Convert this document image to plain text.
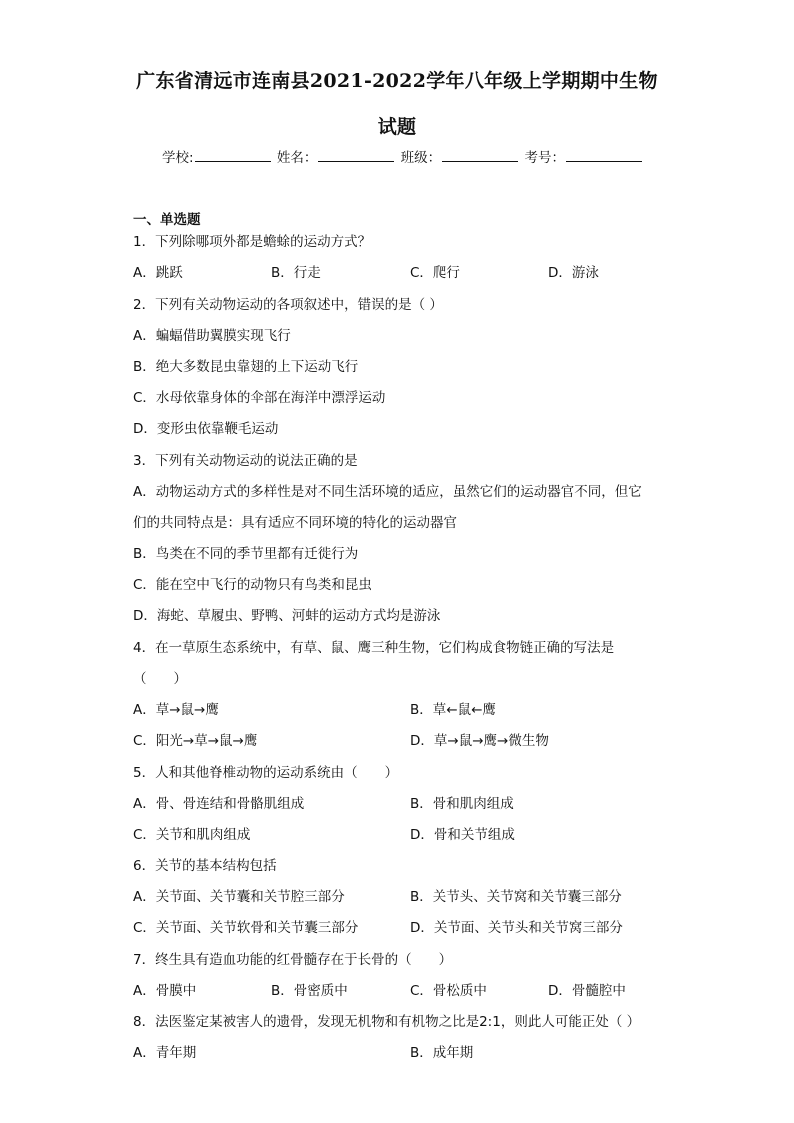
广东省清远市连南县2021-2022学年八年级上学期期中生物
试题
学校:	姓名：	班级：	考号：
一、单选题
1．下列除哪项外都是蟾蜍的运动方式？
A．跳跃	B．行走	C．爬行	D．游泳
2．下列有关动物运动的各项叙述中，错误的是（ ）
A．蝙蝠借助翼膜实现飞行
B．绝大多数昆虫靠翅的上下运动飞行
C．水母依靠身体的伞部在海洋中漂浮运动
D．变形虫依靠鞭毛运动
3．下列有关动物运动的说法正确的是
A．动物运动方式的多样性是对不同生活环境的适应，虽然它们的运动器官不同，但它
们的共同特点是：具有适应不同环境的特化的运动器官
B．鸟类在不同的季节里都有迁徙行为
C．能在空中飞行的动物只有鸟类和昆虫
D．海蛇、草履虫、野鸭、河蚌的运动方式均是游泳
4．在一草原生态系统中，有草、鼠、鹰三种生物，它们构成食物链正确的写法是
（　　）
A．草→鼠→鹰	B．草←鼠←鹰
C．阳光→草→鼠→鹰	D．草→鼠→鹰→微生物
5．人和其他脊椎动物的运动系统由（　　）
A．骨、骨连结和骨骼肌组成	B．骨和肌肉组成
C．关节和肌肉组成	D．骨和关节组成
6．关节的基本结构包括
A．关节面、关节囊和关节腔三部分	B．关节头、关节窝和关节囊三部分
C．关节面、关节软骨和关节囊三部分	D．关节面、关节头和关节窝三部分
7．终生具有造血功能的红骨髓存在于长骨的（　　）
A．骨膜中	B．骨密质中	C．骨松质中	D．骨髓腔中
8．法医鉴定某被害人的遗骨，发现无机物和有机物之比是2:1，则此人可能正处（ ）
A．青年期	B．成年期
